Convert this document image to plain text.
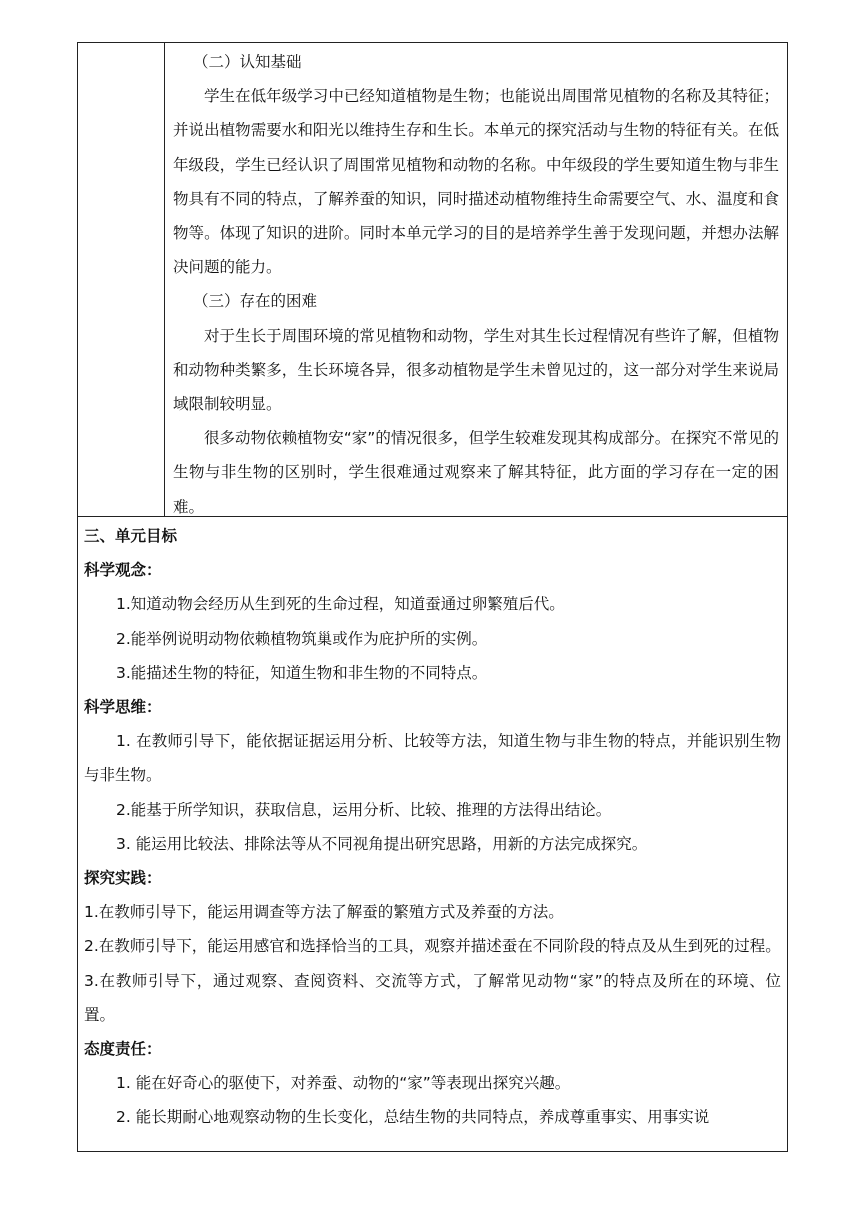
（二）认知基础

学生在低年级学习中已经知道植物是生物；也能说出周围常见植物的名称及其特征；并说出植物需要水和阳光以维持生存和生长。本单元的探究活动与生物的特征有关。在低年级段，学生已经认识了周围常见植物和动物的名称。中年级段的学生要知道生物与非生物具有不同的特点，了解养蚕的知识，同时描述动植物维持生命需要空气、水、温度和食物等。体现了知识的进阶。同时本单元学习的目的是培养学生善于发现问题，并想办法解决问题的能力。

（三）存在的困难

对于生长于周围环境的常见植物和动物，学生对其生长过程情况有些许了解，但植物和动物种类繁多，生长环境各异，很多动植物是学生未曾见过的，这一部分对学生来说局域限制较明显。

很多动物依赖植物安“家”的情况很多，但学生较难发现其构成部分。在探究不常见的生物与非生物的区别时，学生很难通过观察来了解其特征，此方面的学习存在一定的困难。

三、单元目标

科学观念：

1.知道动物会经历从生到死的生命过程，知道蚕通过卵繁殖后代。

2.能举例说明动物依赖植物筑巢或作为庇护所的实例。

3.能描述生物的特征，知道生物和非生物的不同特点。

科学思维：

1. 在教师引导下，能依据证据运用分析、比较等方法，知道生物与非生物的特点，并能识别生物与非生物。

2.能基于所学知识，获取信息，运用分析、比较、推理的方法得出结论。

3. 能运用比较法、排除法等从不同视角提出研究思路，用新的方法完成探究。

探究实践：

1.在教师引导下，能运用调查等方法了解蚕的繁殖方式及养蚕的方法。

2.在教师引导下，能运用感官和选择恰当的工具，观察并描述蚕在不同阶段的特点及从生到死的过程。

3.在教师引导下，通过观察、查阅资料、交流等方式，了解常见动物“家”的特点及所在的环境、位置。

态度责任：

1. 能在好奇心的驱使下，对养蚕、动物的“家”等表现出探究兴趣。

2. 能长期耐心地观察动物的生长变化，总结生物的共同特点，养成尊重事实、用事实说
